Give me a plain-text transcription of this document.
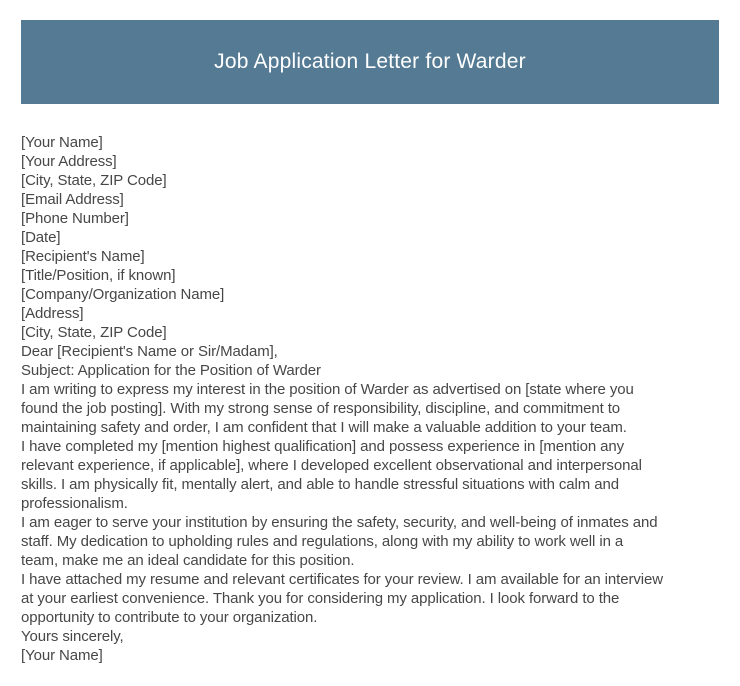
Job Application Letter for Warder
[Your Name]
[Your Address]
[City, State, ZIP Code]
[Email Address]
[Phone Number]
[Date]
[Recipient's Name]
[Title/Position, if known]
[Company/Organization Name]
[Address]
[City, State, ZIP Code]
Dear [Recipient's Name or Sir/Madam],
Subject: Application for the Position of Warder
I am writing to express my interest in the position of Warder as advertised on [state where you
found the job posting]. With my strong sense of responsibility, discipline, and commitment to
maintaining safety and order, I am confident that I will make a valuable addition to your team.
I have completed my [mention highest qualification] and possess experience in [mention any
relevant experience, if applicable], where I developed excellent observational and interpersonal
skills. I am physically fit, mentally alert, and able to handle stressful situations with calm and
professionalism.
I am eager to serve your institution by ensuring the safety, security, and well-being of inmates and
staff. My dedication to upholding rules and regulations, along with my ability to work well in a
team, make me an ideal candidate for this position.
I have attached my resume and relevant certificates for your review. I am available for an interview
at your earliest convenience. Thank you for considering my application. I look forward to the
opportunity to contribute to your organization.
Yours sincerely,
[Your Name]
